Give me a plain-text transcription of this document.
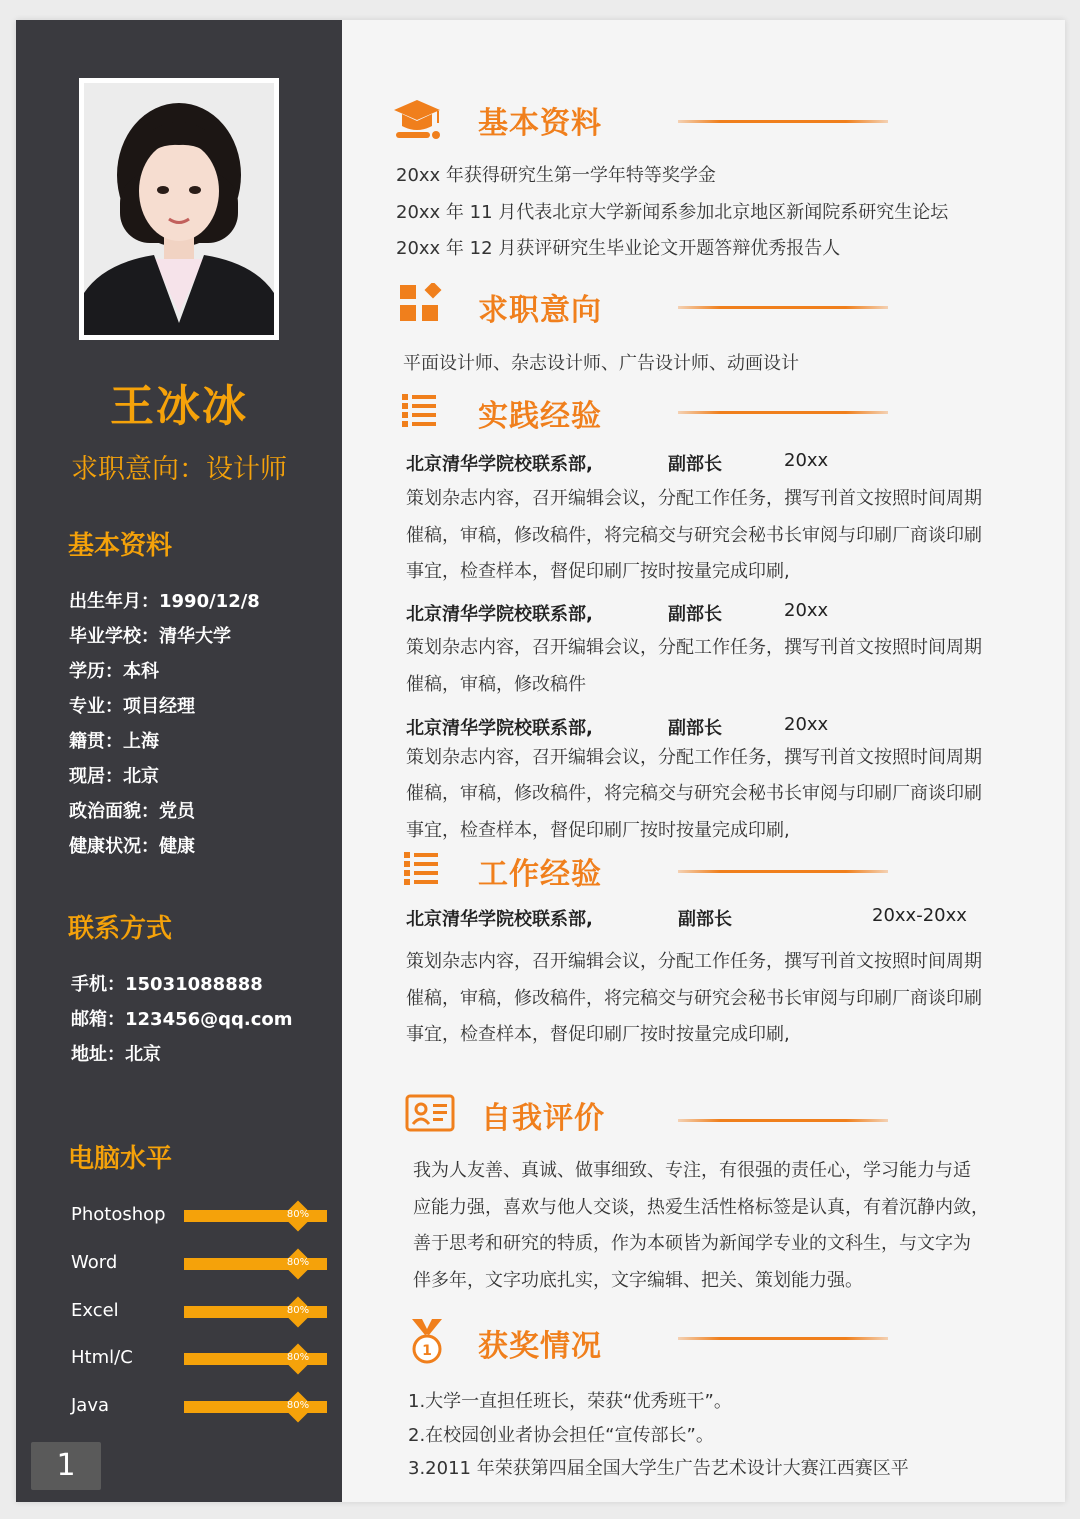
王冰冰
求职意向：设计师
基本资料
出生年月：1990/12/8
毕业学校：清华大学
学历：本科
专业：项目经理
籍贯：上海
现居：北京
政治面貌：党员
健康状况：健康
联系方式
手机：15031088888
邮箱：123456@qq.com
地址：北京
电脑水平
Photoshop	80%
Word	80%
Excel	80%
Html/C	80%
Java	80%
1
基本资料
20xx 年获得研究生第一学年特等奖学金
20xx 年 11 月代表北京大学新闻系参加北京地区新闻院系研究生论坛
20xx 年 12 月获评研究生毕业论文开题答辩优秀报告人
求职意向
平面设计师、杂志设计师、广告设计师、动画设计
实践经验
北京清华学院校联系部,	副部长	20xx
策划杂志内容，召开编辑会议，分配工作任务，撰写刊首文按照时间周期
催稿，审稿，修改稿件，将完稿交与研究会秘书长审阅与印刷厂商谈印刷
事宜，检查样本，督促印刷厂按时按量完成印刷,
北京清华学院校联系部,	副部长	20xx
策划杂志内容，召开编辑会议，分配工作任务，撰写刊首文按照时间周期
催稿，审稿，修改稿件
北京清华学院校联系部,	副部长	20xx
策划杂志内容，召开编辑会议，分配工作任务，撰写刊首文按照时间周期
催稿，审稿，修改稿件，将完稿交与研究会秘书长审阅与印刷厂商谈印刷
事宜，检查样本，督促印刷厂按时按量完成印刷,
工作经验
北京清华学院校联系部,	副部长	20xx-20xx
策划杂志内容，召开编辑会议，分配工作任务，撰写刊首文按照时间周期
催稿，审稿，修改稿件，将完稿交与研究会秘书长审阅与印刷厂商谈印刷
事宜，检查样本，督促印刷厂按时按量完成印刷,
自我评价
我为人友善、真诚、做事细致、专注，有很强的责任心，学习能力与适
应能力强，喜欢与他人交谈，热爱生活性格标签是认真，有着沉静内敛，
善于思考和研究的特质，作为本硕皆为新闻学专业的文科生，与文字为
伴多年，文字功底扎实，文字编辑、把关、策划能力强。
1 获奖情况
1.大学一直担任班长，荣获“优秀班干”。
2.在校园创业者协会担任“宣传部长”。
3.2011 年荣获第四届全国大学生广告艺术设计大赛江西赛区平
